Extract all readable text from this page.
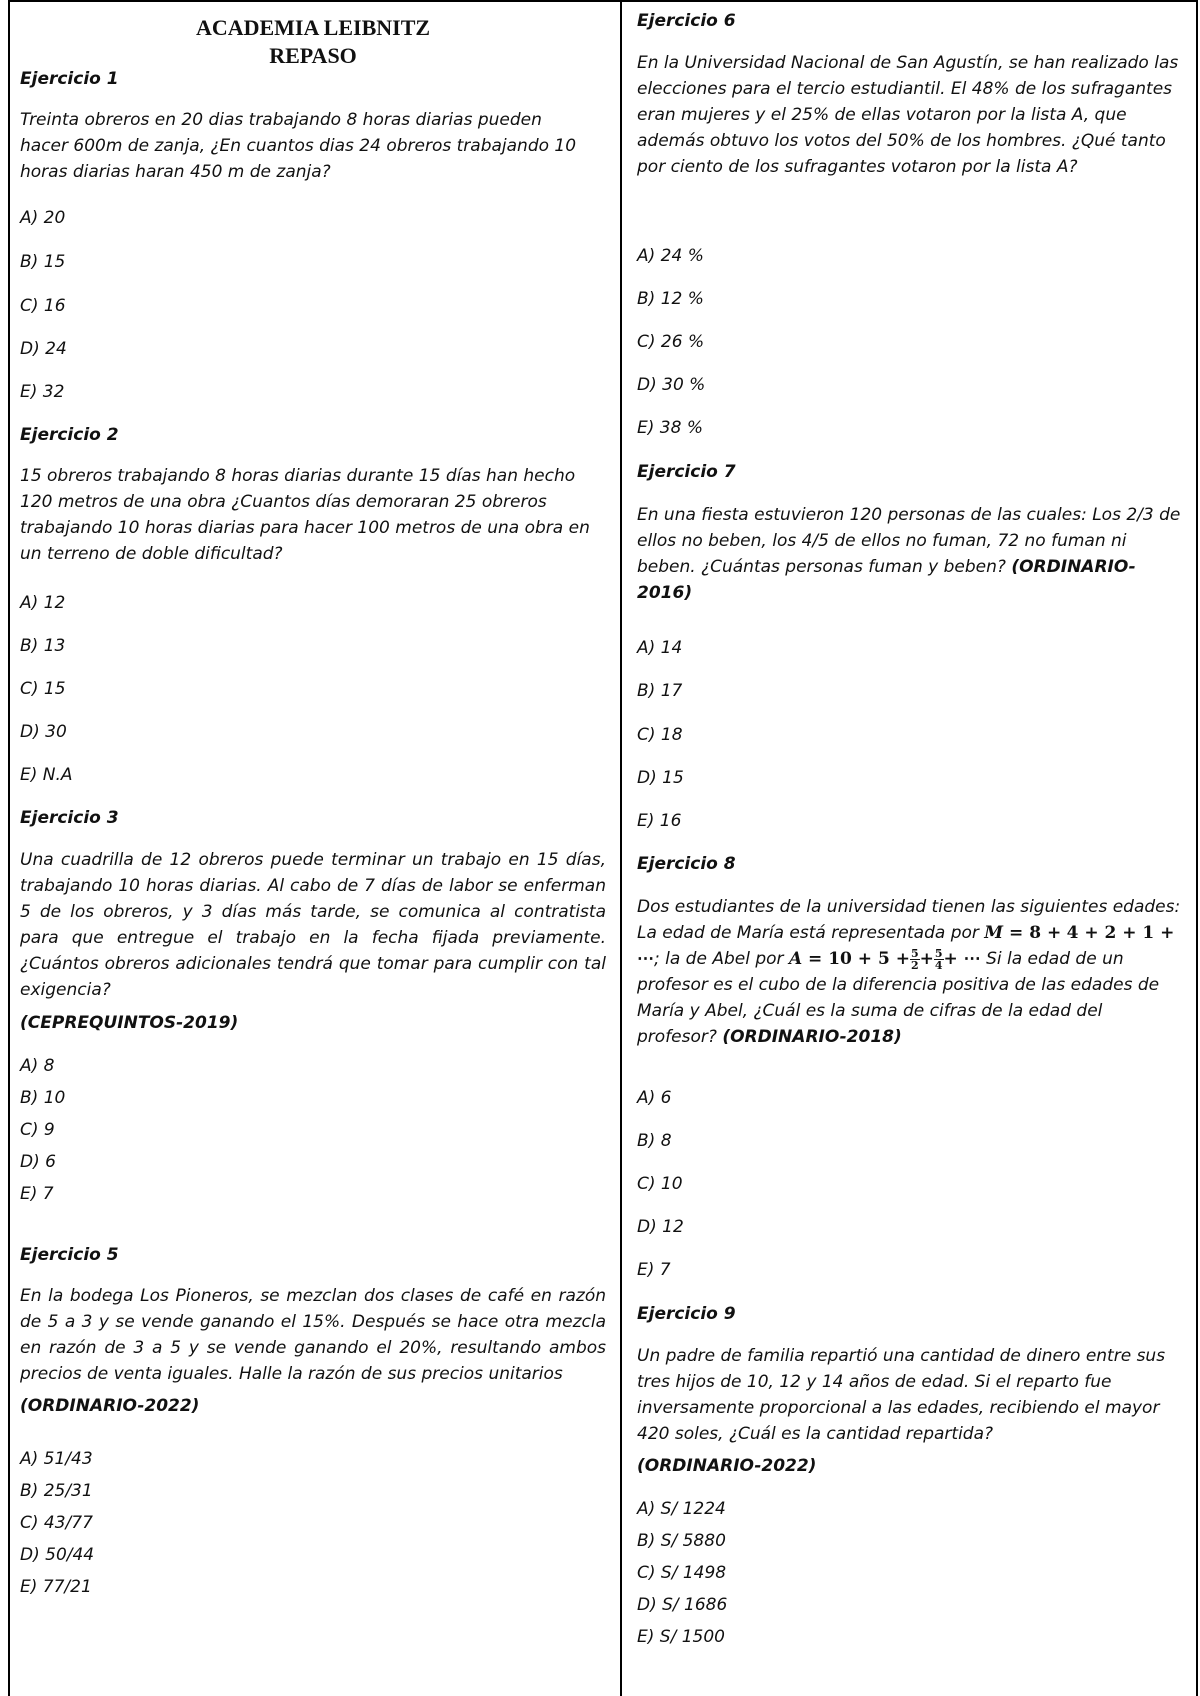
ACADEMIA LEIBNITZ
REPASO
Ejercicio 1
Treinta obreros en 20 dias trabajando 8 horas diarias pueden hacer 600m de zanja, ¿En cuantos dias 24 obreros trabajando 10 horas diarias haran 450 m de zanja?
A) 20
B) 15
C) 16
D) 24
E) 32
Ejercicio 2
15 obreros trabajando 8 horas diarias durante 15 días han hecho 120 metros de una obra ¿Cuantos días demoraran 25 obreros trabajando 10 horas diarias para hacer 100 metros de una obra en un terreno de doble dificultad?
A) 12
B) 13
C) 15
D) 30
E) N.A
Ejercicio 3
Una cuadrilla de 12 obreros puede terminar un trabajo en 15 días, trabajando 10 horas diarias. Al cabo de 7 días de labor se enferman 5 de los obreros, y 3 días más tarde, se comunica al contratista para que entregue el trabajo en la fecha fijada previamente. ¿Cuántos obreros adicionales tendrá que tomar para cumplir con tal exigencia?
(CEPREQUINTOS-2019)
A) 8
B) 10
C) 9
D) 6
E) 7
Ejercicio 5
En la bodega Los Pioneros, se mezclan dos clases de café en razón de 5 a 3 y se vende ganando el 15%. Después se hace otra mezcla en razón de 3 a 5 y se vende ganando el 20%, resultando ambos precios de venta iguales. Halle la razón de sus precios unitarios
(ORDINARIO-2022)
A) 51/43
B) 25/31
C) 43/77
D) 50/44
E) 77/21
Ejercicio 6
En la Universidad Nacional de San Agustín, se han realizado las elecciones para el tercio estudiantil. El 48% de los sufragantes eran mujeres y el 25% de ellas votaron por la lista A, que además obtuvo los votos del 50% de los hombres. ¿Qué tanto por ciento de los sufragantes votaron por la lista A?
A) 24 %
B) 12 %
C) 26 %
D) 30 %
E) 38 %
Ejercicio 7
En una fiesta estuvieron 120 personas de las cuales: Los 2/3 de ellos no beben, los 4/5 de ellos no fuman, 72 no fuman ni beben. ¿Cuántas personas fuman y beben? (ORDINARIO-2016)
A) 14
B) 17
C) 18
D) 15
E) 16
Ejercicio 8
Dos estudiantes de la universidad tienen las siguientes edades: La edad de María está representada por M = 8 + 4 + 2 + 1 + ⋯; la de Abel por $A = 10 + 5 + \frac{5}{2} + \frac{5}{4}$ + ⋯ Si la edad de un profesor es el cubo de la diferencia positiva de las edades de María y Abel, ¿Cuál es la suma de cifras de la edad del profesor? (ORDINARIO-2018)
A) 6
B) 8
C) 10
D) 12
E) 7
Ejercicio 9
Un padre de familia repartió una cantidad de dinero entre sus tres hijos de 10, 12 y 14 años de edad. Si el reparto fue inversamente proporcional a las edades, recibiendo el mayor 420 soles, ¿Cuál es la cantidad repartida?
(ORDINARIO-2022)
A) S/ 1224
B) S/ 5880
C) S/ 1498
D) S/ 1686
E) S/ 1500
